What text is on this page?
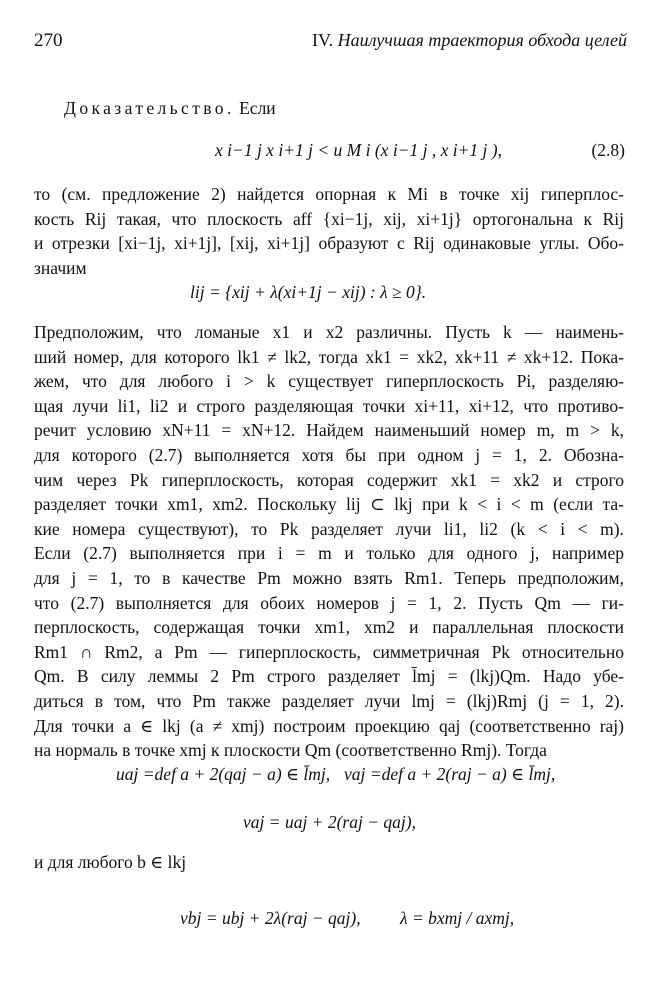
270	IV. Наилучшая траектория обхода целей
Доказательство. Если
x i−1 j x i+1 j < u M i (x i−1 j , x i+1 j ),	(2.8)
то (см. предложение 2) найдется опорная к Mi в точке xij гиперплос-
кость Rij такая, что плоскость aff {xi−1j, xij, xi+1j} ортогональна к Rij
и отрезки [xi−1j, xi+1j], [xij, xi+1j] образуют с Rij одинаковые углы. Обо-
значим
lij = {xij + λ(xi+1j − xij) : λ ≥ 0}.
Предположим, что ломаные x1 и x2 различны. Пусть k — наимень-
ший номер, для которого lk1 ≠ lk2, тогда xk1 = xk2, xk+11 ≠ xk+12. Пока-
жем, что для любого i > k существует гиперплоскость Pi, разделяю-
щая лучи li1, li2 и строго разделяющая точки xi+11, xi+12, что противо-
речит условию xN+11 = xN+12. Найдем наименьший номер m, m > k,
для которого (2.7) выполняется хотя бы при одном j = 1, 2. Обозна-
чим через Pk гиперплоскость, которая содержит xk1 = xk2 и строго
разделяет точки xm1, xm2. Поскольку lij ⊂ lkj при k < i < m (если та-
кие номера существуют), то Pk разделяет лучи li1, li2 (k < i < m).
Если (2.7) выполняется при i = m и только для одного j, например
для j = 1, то в качестве Pm можно взять Rm1. Теперь предположим,
что (2.7) выполняется для обоих номеров j = 1, 2. Пусть Qm — ги-
перплоскость, содержащая точки xm1, xm2 и параллельная плоскости
Rm1 ∩ Rm2, а Pm — гиперплоскость, симметричная Pk относительно
Qm. В силу леммы 2 Pm строго разделяет l̄mj = (lkj)Qm. Надо убе-
диться в том, что Pm также разделяет лучи lmj = (lkj)Rmj (j = 1, 2).
Для точки a ∈ lkj (a ≠ xmj) построим проекцию qaj (соответственно raj)
на нормаль в точке xmj к плоскости Qm (соответственно Rmj). Тогда
uaj =def a + 2(qaj − a) ∈ l̄mj, vaj =def a + 2(raj − a) ∈ l̄mj,
vaj = uaj + 2(raj − qaj),
и для любого b ∈ lkj
vbj = ubj + 2λ(raj − qaj), λ = bxmj / axmj,
